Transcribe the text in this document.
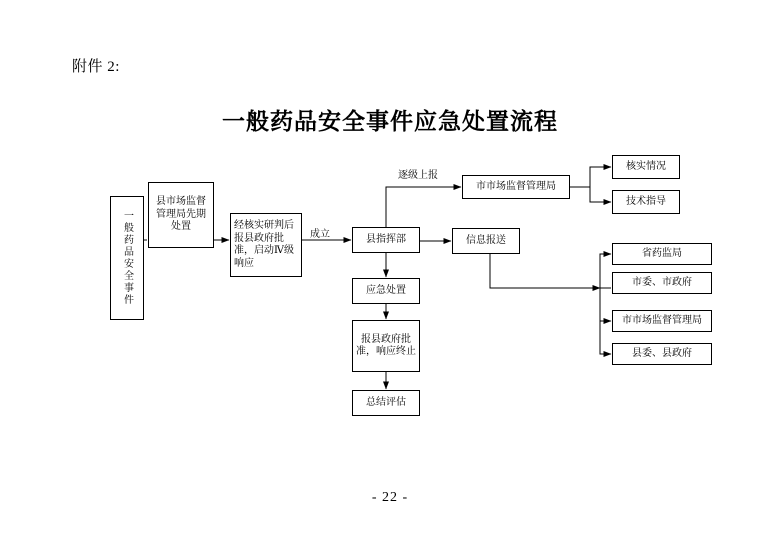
附件 2:
一般药品安全事件应急处置流程
一般药品安全事件
县市场监督管理局先期处置	经核实研判后报县政府批准，启动Ⅳ级响应
县指挥部
市市场监督管理局
核实情况
技术指导
信息报送
省药监局
市委、市政府
市市场监督管理局
县委、县政府
应急处置
报县政府批准，响应终止
总结评估
成立
逐级上报
- 22 -
